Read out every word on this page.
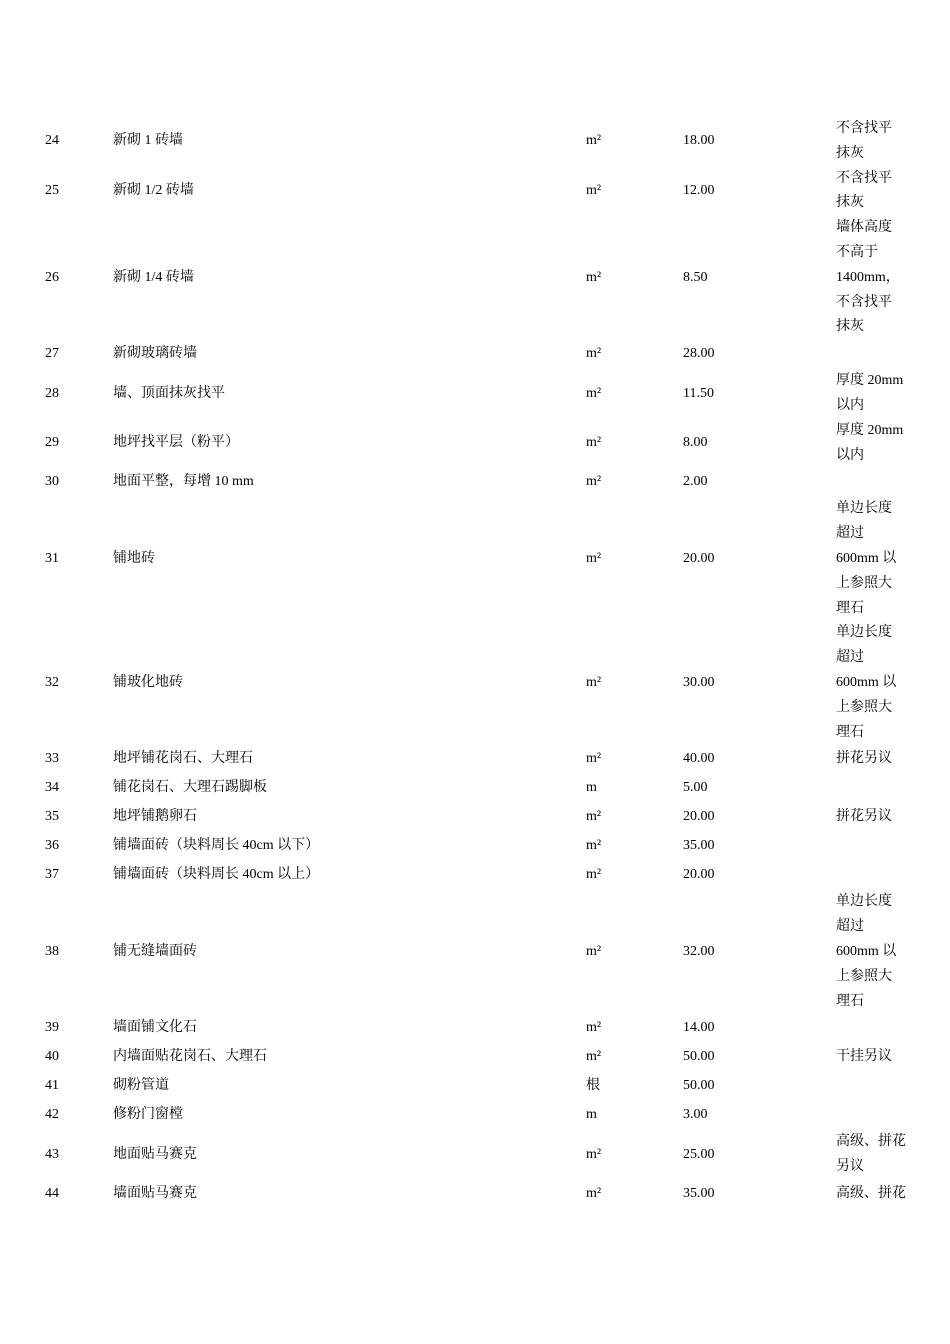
24	新砌 1 砖墙	m²	18.00	不含找平
抹灰
25	新砌 1/2 砖墙	m²	12.00	不含找平
抹灰
26	新砌 1/4 砖墙	m²	8.50	墙体高度
不高于
1400mm，
不含找平
抹灰
27	新砌玻璃砖墙	m²	28.00	
28	墙、顶面抹灰找平	m²	11.50	厚度 20mm
以内
29	地坪找平层（粉平）	m²	8.00	厚度 20mm
以内
30	地面平整，每增 10 mm	m²	2.00	
31	铺地砖	m²	20.00	单边长度
超过
600mm 以
上参照大
理石
32	铺玻化地砖	m²	30.00	单边长度
超过
600mm 以
上参照大
理石
33	地坪铺花岗石、大理石	m²	40.00	拼花另议
34	铺花岗石、大理石踢脚板	m	5.00	
35	地坪铺鹅卵石	m²	20.00	拼花另议
36	铺墙面砖（块料周长 40cm 以下）	m²	35.00	
37	铺墙面砖（块料周长 40cm 以上）	m²	20.00	
38	铺无缝墙面砖	m²	32.00	单边长度
超过
600mm 以
上参照大
理石
39	墙面铺文化石	m²	14.00	
40	内墙面贴花岗石、大理石	m²	50.00	干挂另议
41	砌粉管道	根	50.00	
42	修粉门窗樘	m	3.00	
43	地面贴马赛克	m²	25.00	高级、拼花
另议
44	墙面贴马赛克	m²	35.00	高级、拼花
